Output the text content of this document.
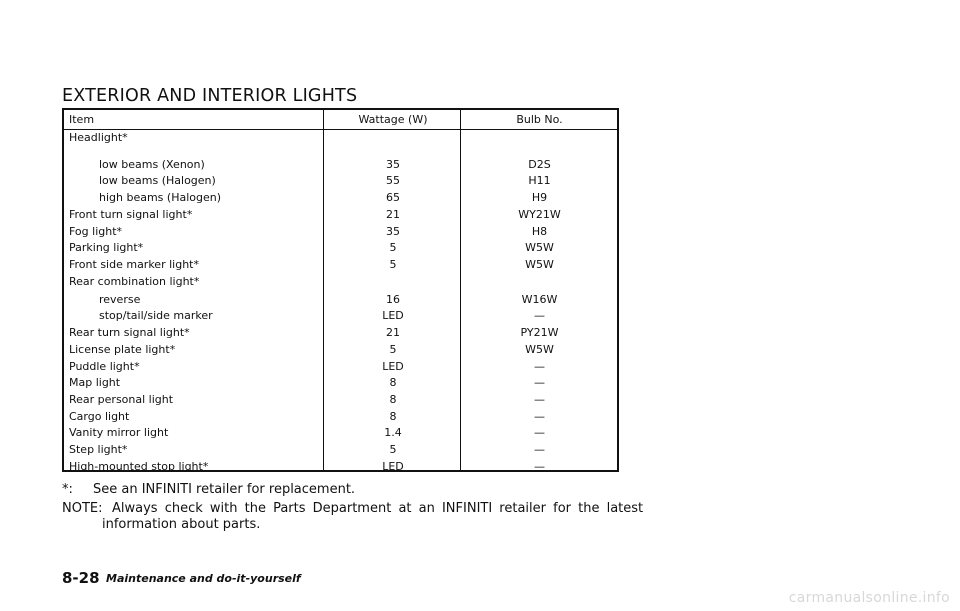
EXTERIOR AND INTERIOR LIGHTS
Item	Wattage (W)	Bulb No.
Headlight*
low beams (Xenon)	35	D2S
low beams (Halogen)	55	H11
high beams (Halogen)	65	H9
Front turn signal light*	21	WY21W
Fog light*	35	H8
Parking light*	5	W5W
Front side marker light*	5	W5W
Rear combination light*
reverse	16	W16W
stop/tail/side marker	LED	—
Rear turn signal light*	21	PY21W
License plate light*	5	W5W
Puddle light*	LED	—
Map light	8	—
Rear personal light	8	—
Cargo light	8	—
Vanity mirror light	1.4	—
Step light*	5	—
High-mounted stop light*	LED	—
*: See an INFINITI retailer for replacement.
NOTE: Always check with the Parts Department at an INFINITI retailer for the latest
information about parts.
8-28 Maintenance and do-it-yourself
carmanualsonline.info
